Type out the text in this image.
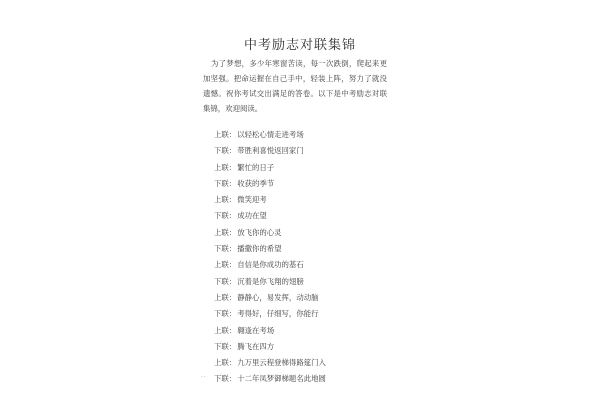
中考励志对联集锦
为了梦想，多少年寒窗苦读，每一次跌倒，爬起来更加坚强。把命运握在自己手中，轻装上阵，努力了就没遗憾。祝你考试交出满足的答卷。以下是中考励志对联集锦，欢迎阅读。
上联：以轻松心情走进考场
下联：带胜利喜悦返回家门
上联：繁忙的日子
下联：收获的季节
上联：微笑迎考
下联：成功在望
上联：放飞你的心灵
下联：播撒你的希望
上联：自信是你成功的基石
下联：沉着是你飞翔的翅膀
上联：静静心，易发挥，动动脑
下联：考得好，仔细写，你能行
上联：翱逢在考场
下联：腾飞在四方
上联：九万里云程登梯得路筵门入
下联：十二年凤梦御梯题名此地圆
..
